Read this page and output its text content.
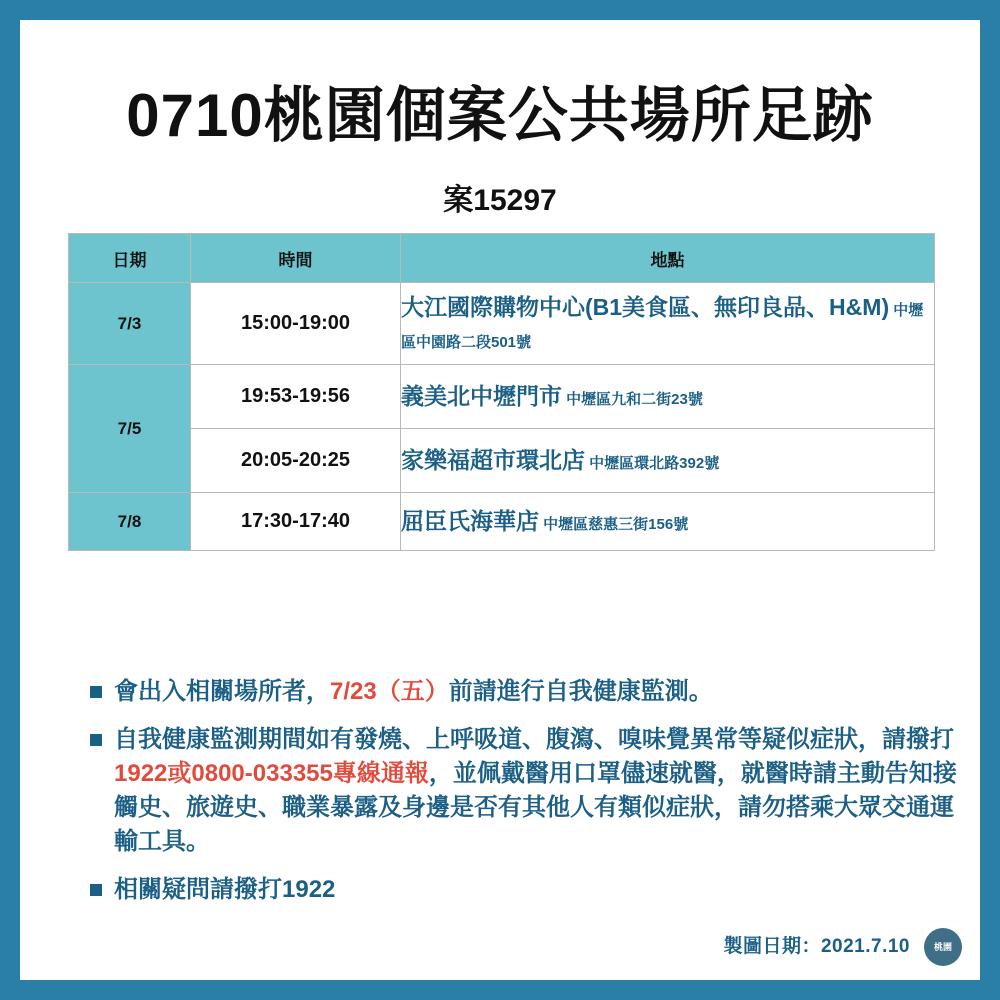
0710桃園個案公共場所足跡
案15297
日期	時間	地點
7/3	15:00-19:00	大江國際購物中心(B1美食區、無印良品、H&M) 中壢區中園路二段501號
7/5	19:53-19:56	義美北中壢門市 中壢區九和二街23號
	20:05-20:25	家樂福超市環北店 中壢區環北路392號
7/8	17:30-17:40	屈臣氏海華店 中壢區慈惠三街156號
會出入相關場所者，7/23（五）前請進行自我健康監測。
自我健康監測期間如有發燒、上呼吸道、腹瀉、嗅味覺異常等疑似症狀，請撥打1922或0800-033355專線通報，並佩戴醫用口罩儘速就醫，就醫時請主動告知接觸史、旅遊史、職業暴露及身邊是否有其他人有類似症狀，請勿搭乘大眾交通運輸工具。
相關疑問請撥打1922
製圖日期：2021.7.10	桃園
